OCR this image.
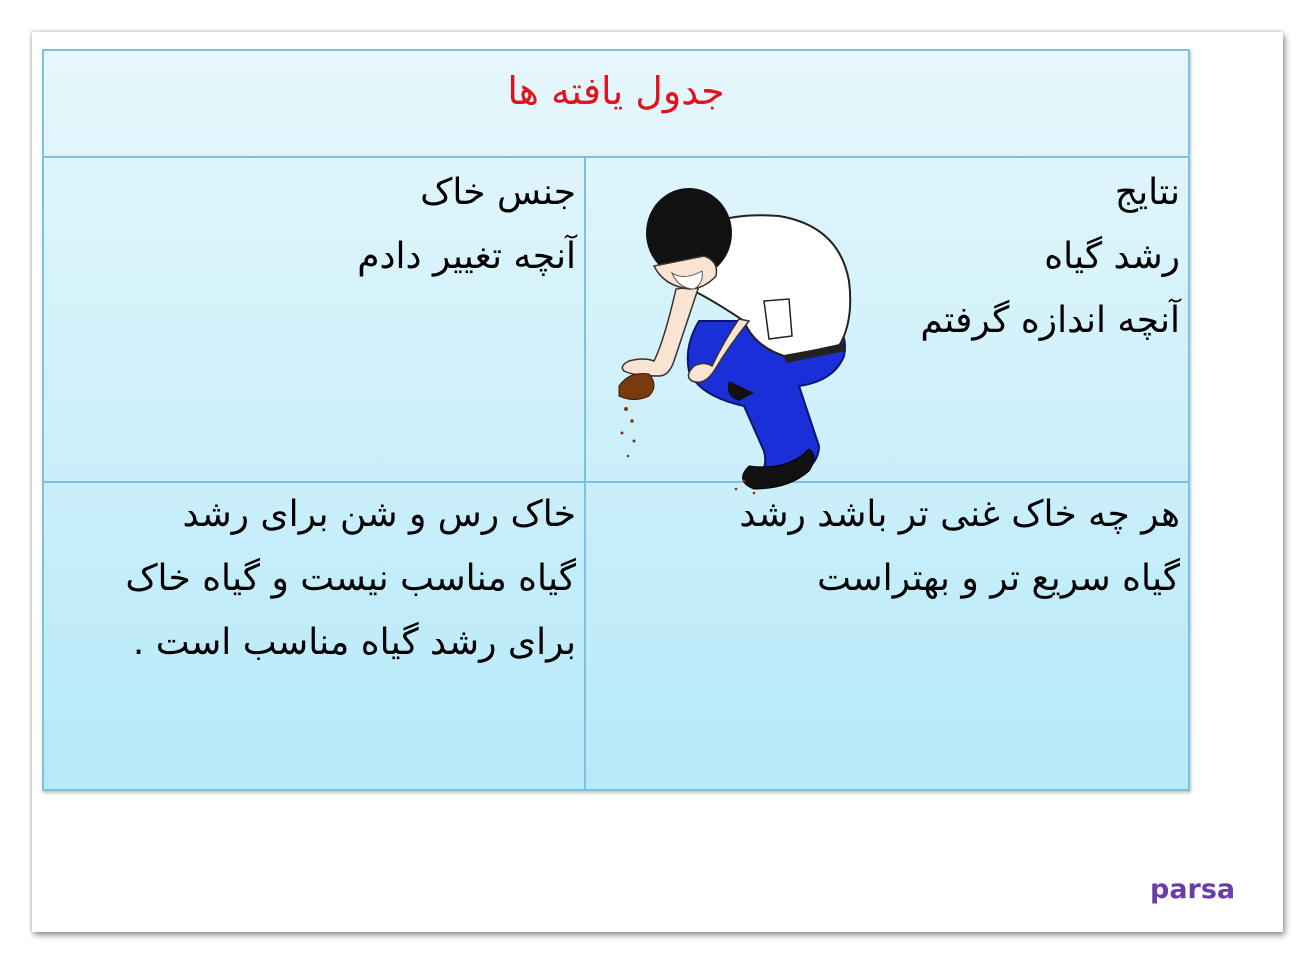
جدول یافته ها
نتایج
رشد گیاه
آنچه اندازه گرفتم
جنس خاک
آنچه تغییر دادم
هر چه خاک غنی تر باشد رشد
گیاه سریع تر و بهتراست
خاک رس و شن برای رشد
گیاه مناسب نیست و گیاه خاک
برای رشد گیاه مناسب است .
parsa
